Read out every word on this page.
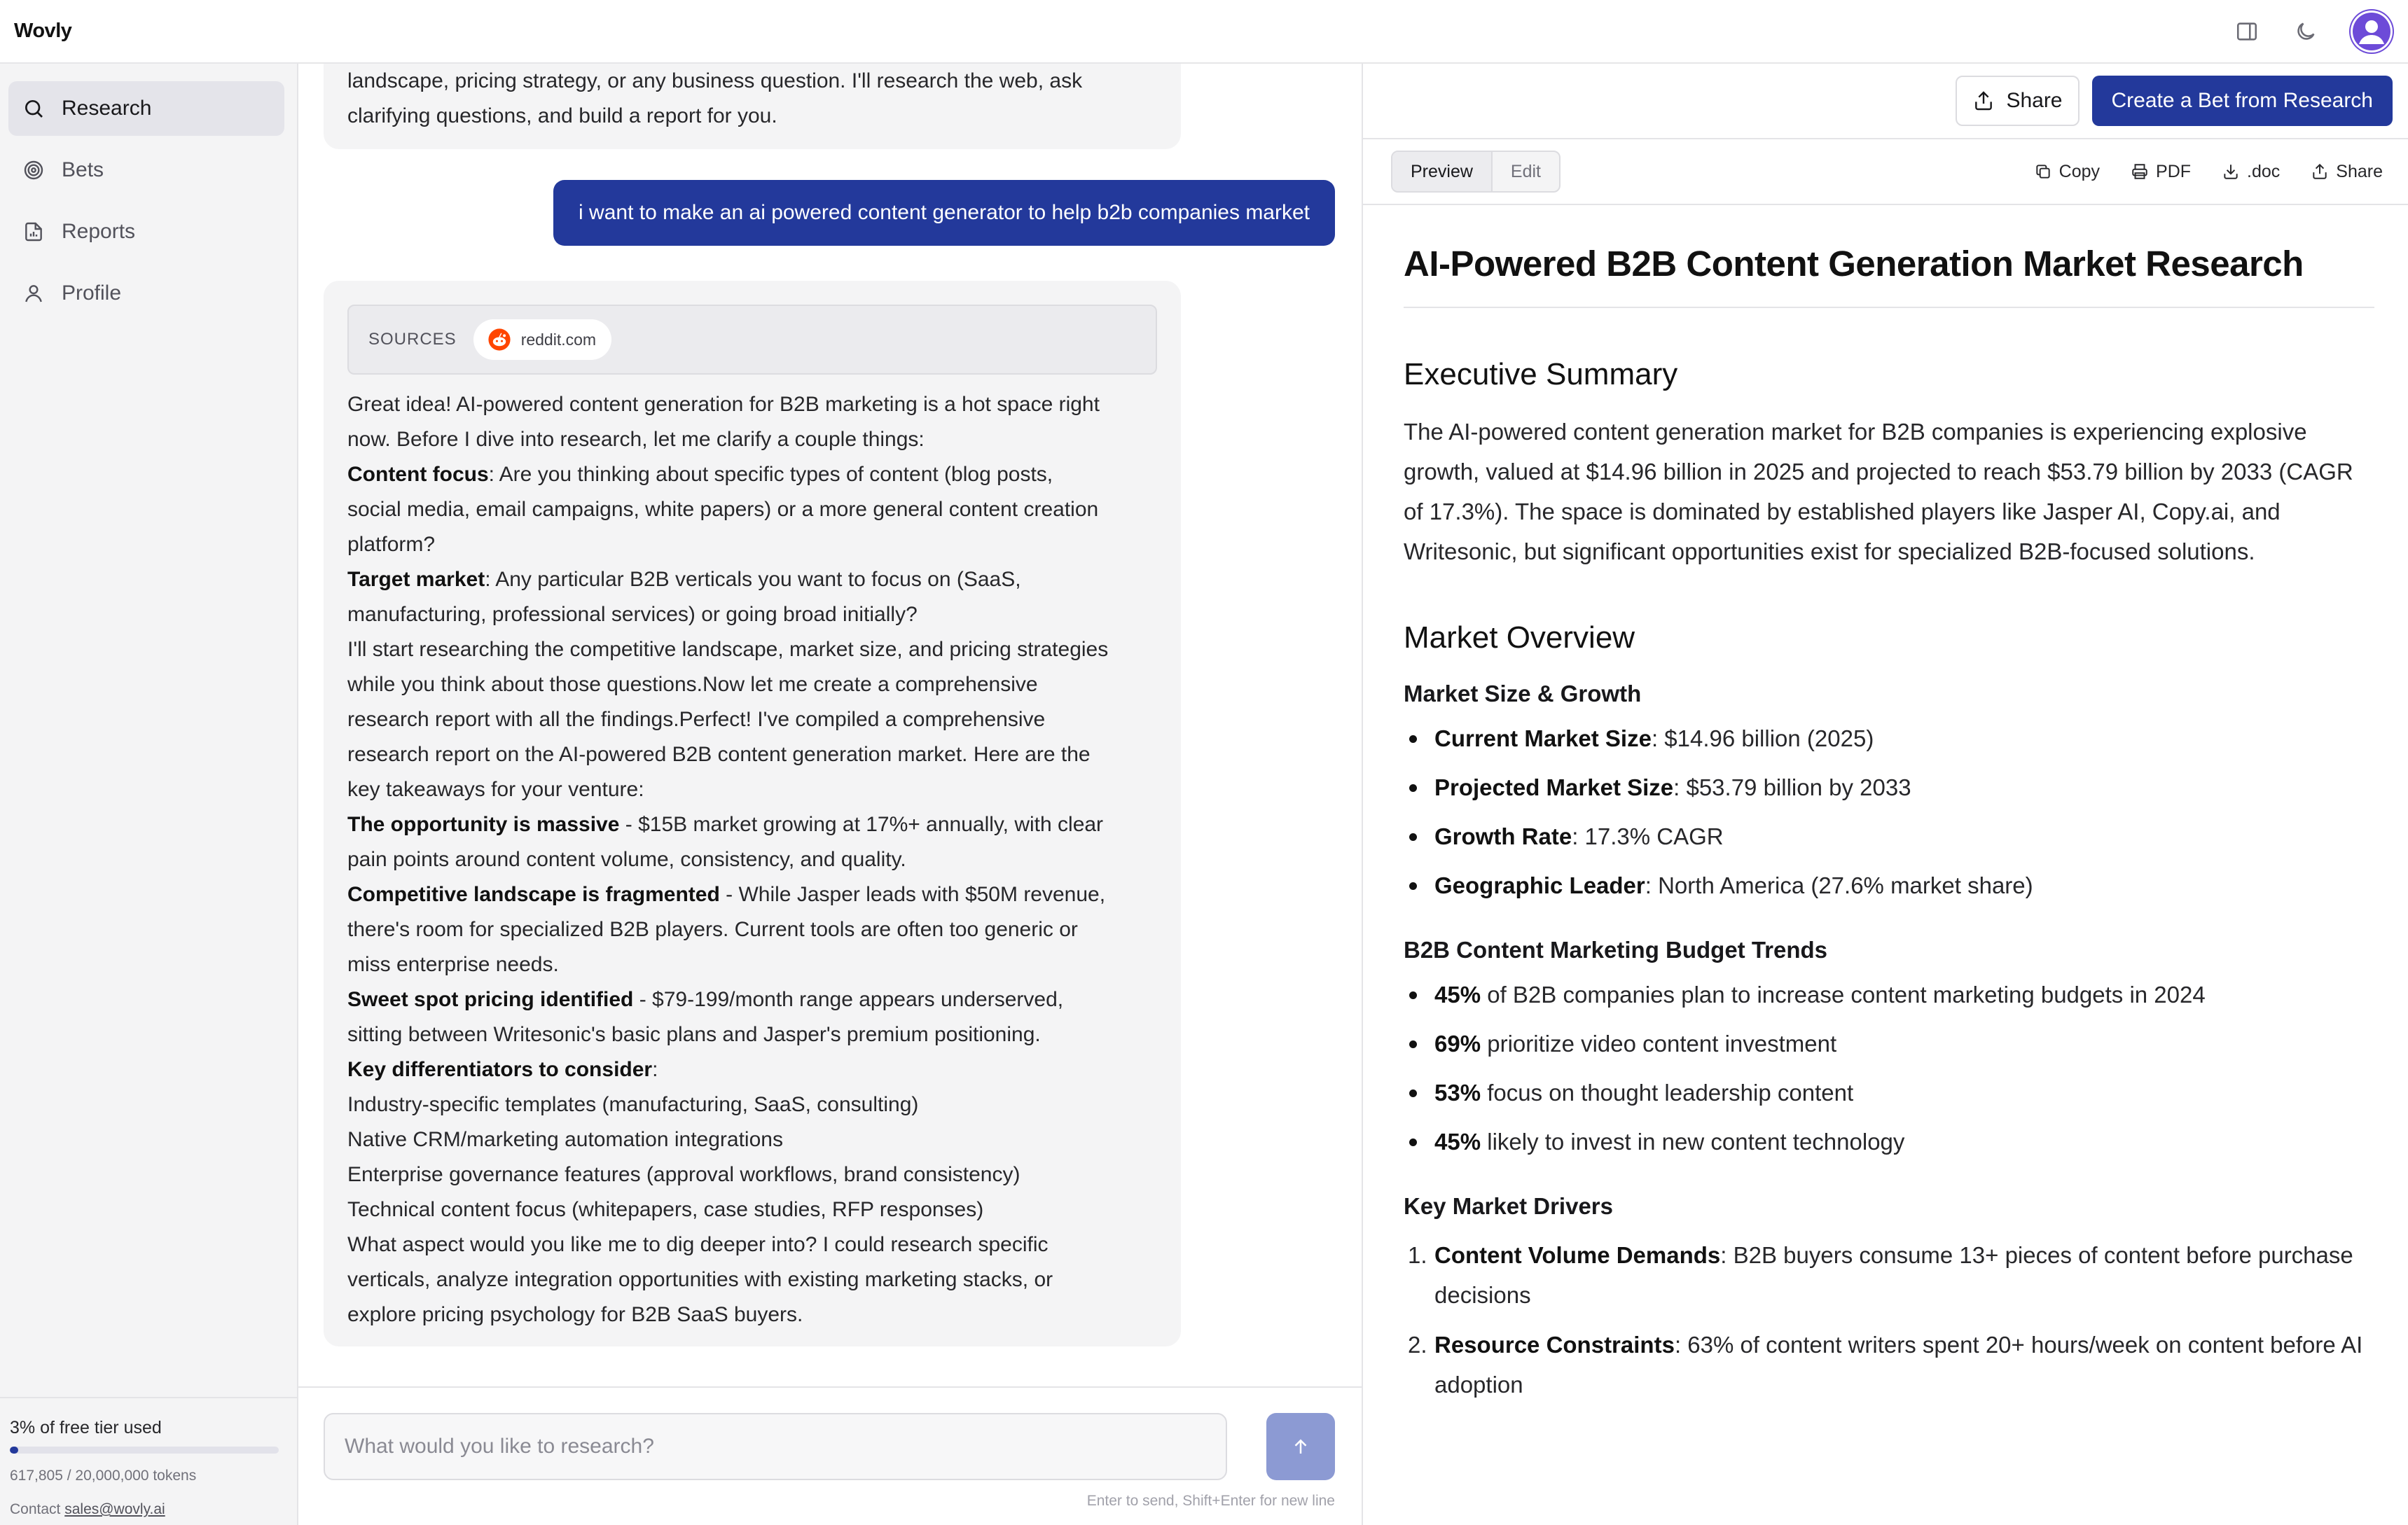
Wovly
Research
Bets
Reports
Profile
3% of free tier used
617,805 / 20,000,000 tokens
Contact sales@wovly.ai
landscape, pricing strategy, or any business question. I'll research the web, ask
clarifying questions, and build a report for you.
i want to make an ai powered content generator to help b2b companies market
SOURCES	reddit.com
Great idea! AI-powered content generation for B2B marketing is a hot space right
now. Before I dive into research, let me clarify a couple things:
Content focus: Are you thinking about specific types of content (blog posts,
social media, email campaigns, white papers) or a more general content creation
platform?
Target market: Any particular B2B verticals you want to focus on (SaaS,
manufacturing, professional services) or going broad initially?
I'll start researching the competitive landscape, market size, and pricing strategies
while you think about those questions.Now let me create a comprehensive
research report with all the findings.Perfect! I've compiled a comprehensive
research report on the AI-powered B2B content generation market. Here are the
key takeaways for your venture:
The opportunity is massive - $15B market growing at 17%+ annually, with clear
pain points around content volume, consistency, and quality.
Competitive landscape is fragmented - While Jasper leads with $50M revenue,
there's room for specialized B2B players. Current tools are often too generic or
miss enterprise needs.
Sweet spot pricing identified - $79-199/month range appears underserved,
sitting between Writesonic's basic plans and Jasper's premium positioning.
Key differentiators to consider:
Industry-specific templates (manufacturing, SaaS, consulting)
Native CRM/marketing automation integrations
Enterprise governance features (approval workflows, brand consistency)
Technical content focus (whitepapers, case studies, RFP responses)
What aspect would you like me to dig deeper into? I could research specific
verticals, analyze integration opportunities with existing marketing stacks, or
explore pricing psychology for B2B SaaS buyers.
What would you like to research?
Enter to send, Shift+Enter for new line
Share	Create a Bet from Research
Preview	Edit	Copy	PDF	.doc	Share
AI-Powered B2B Content Generation Market Research
Executive Summary

The AI-powered content generation market for B2B companies is experiencing explosive growth, valued at $14.96 billion in 2025 and projected to reach $53.79 billion by 2033 (CAGR of 17.3%). The space is dominated by established players like Jasper AI, Copy.ai, and Writesonic, but significant opportunities exist for specialized B2B-focused solutions.

Market Overview
Market Size & Growth
Current Market Size: $14.96 billion (2025)
Projected Market Size: $53.79 billion by 2033
Growth Rate: 17.3% CAGR
Geographic Leader: North America (27.6% market share)
B2B Content Marketing Budget Trends
45% of B2B companies plan to increase content marketing budgets in 2024
69% prioritize video content investment
53% focus on thought leadership content
45% likely to invest in new content technology
Key Market Drivers
1. Content Volume Demands: B2B buyers consume 13+ pieces of content before purchase decisions
2. Resource Constraints: 63% of content writers spent 20+ hours/week on content before AI adoption
